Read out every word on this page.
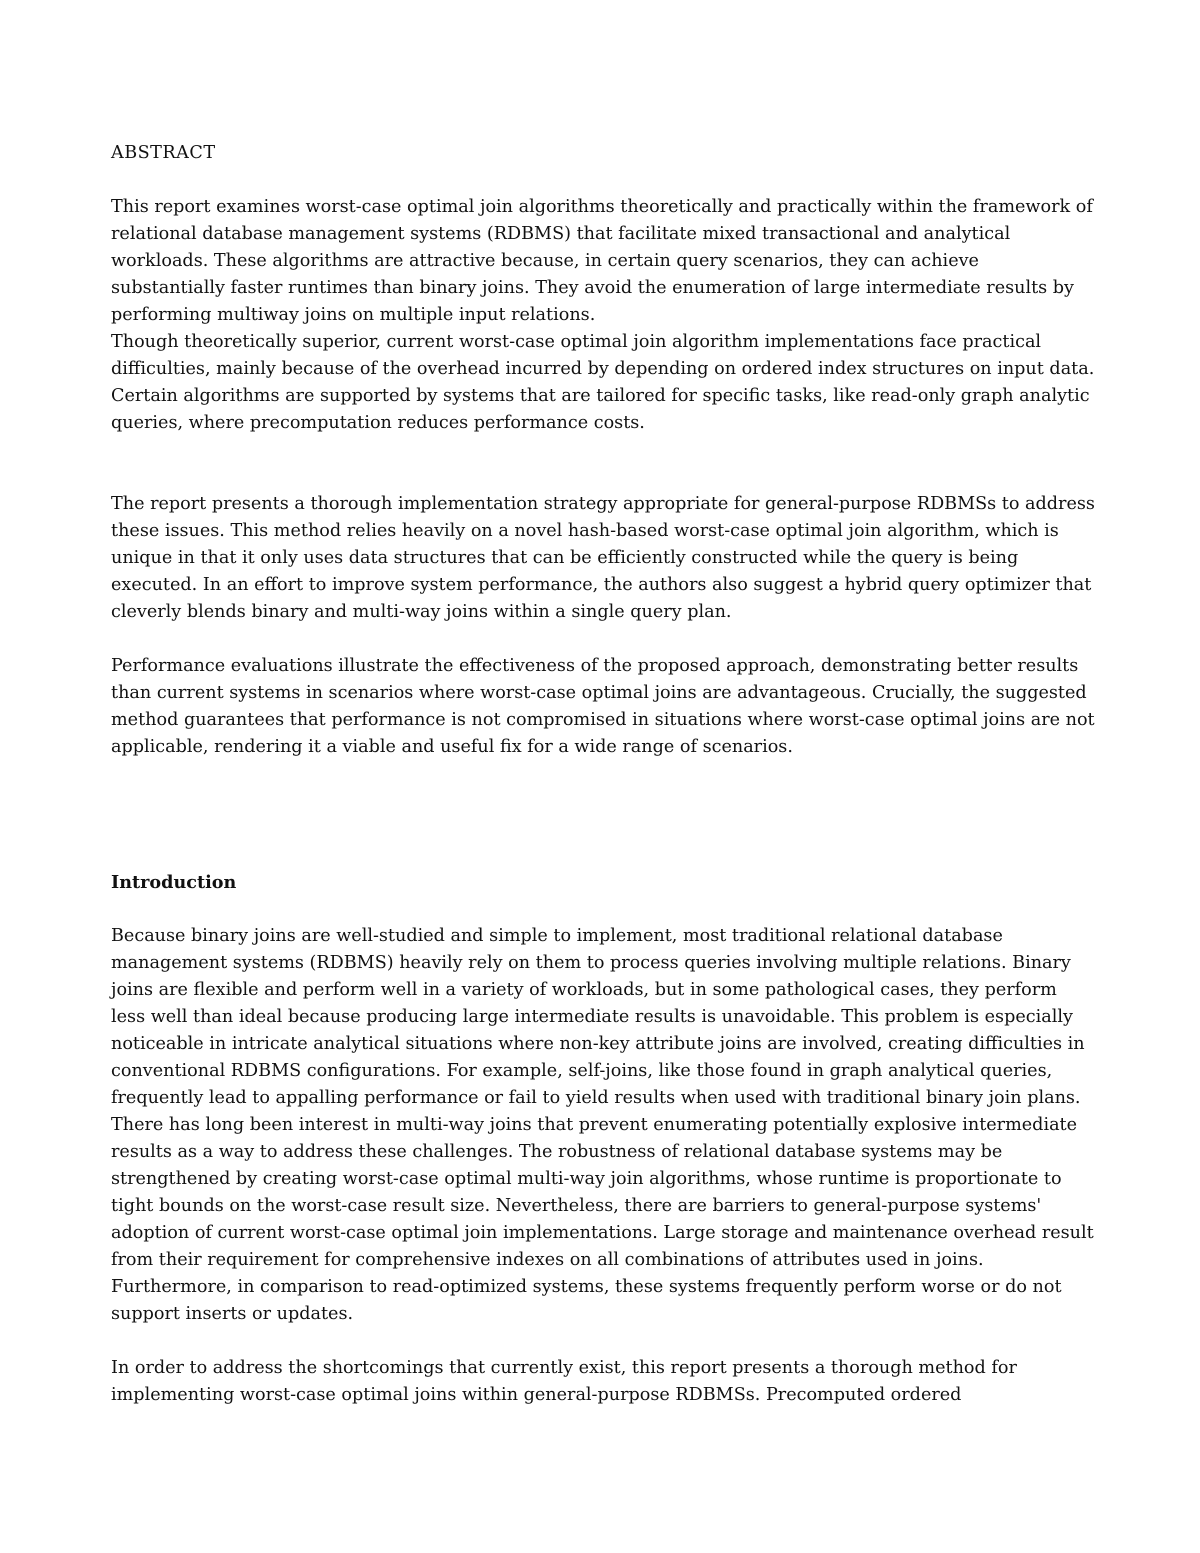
ABSTRACT

This report examines worst-case optimal join algorithms theoretically and practically within the framework of relational database management systems (RDBMS) that facilitate mixed transactional and analytical workloads. These algorithms are attractive because, in certain query scenarios, they can achieve substantially faster runtimes than binary joins. They avoid the enumeration of large intermediate results by performing multiway joins on multiple input relations.

Though theoretically superior, current worst-case optimal join algorithm implementations face practical difficulties, mainly because of the overhead incurred by depending on ordered index structures on input data. Certain algorithms are supported by systems that are tailored for specific tasks, like read-only graph analytic queries, where precomputation reduces performance costs.

The report presents a thorough implementation strategy appropriate for general-purpose RDBMSs to address these issues. This method relies heavily on a novel hash-based worst-case optimal join algorithm, which is unique in that it only uses data structures that can be efficiently constructed while the query is being executed. In an effort to improve system performance, the authors also suggest a hybrid query optimizer that cleverly blends binary and multi-way joins within a single query plan.

Performance evaluations illustrate the effectiveness of the proposed approach, demonstrating better results than current systems in scenarios where worst-case optimal joins are advantageous. Crucially, the suggested method guarantees that performance is not compromised in situations where worst-case optimal joins are not applicable, rendering it a viable and useful fix for a wide range of scenarios.

Introduction

Because binary joins are well-studied and simple to implement, most traditional relational database management systems (RDBMS) heavily rely on them to process queries involving multiple relations. Binary joins are flexible and perform well in a variety of workloads, but in some pathological cases, they perform less well than ideal because producing large intermediate results is unavoidable. This problem is especially noticeable in intricate analytical situations where non-key attribute joins are involved, creating difficulties in conventional RDBMS configurations. For example, self-joins, like those found in graph analytical queries, frequently lead to appalling performance or fail to yield results when used with traditional binary join plans.

There has long been interest in multi-way joins that prevent enumerating potentially explosive intermediate results as a way to address these challenges. The robustness of relational database systems may be strengthened by creating worst-case optimal multi-way join algorithms, whose runtime is proportionate to tight bounds on the worst-case result size. Nevertheless, there are barriers to general-purpose systems' adoption of current worst-case optimal join implementations. Large storage and maintenance overhead result from their requirement for comprehensive indexes on all combinations of attributes used in joins. Furthermore, in comparison to read-optimized systems, these systems frequently perform worse or do not support inserts or updates.

In order to address the shortcomings that currently exist, this report presents a thorough method for implementing worst-case optimal joins within general-purpose RDBMSs. Precomputed ordered
